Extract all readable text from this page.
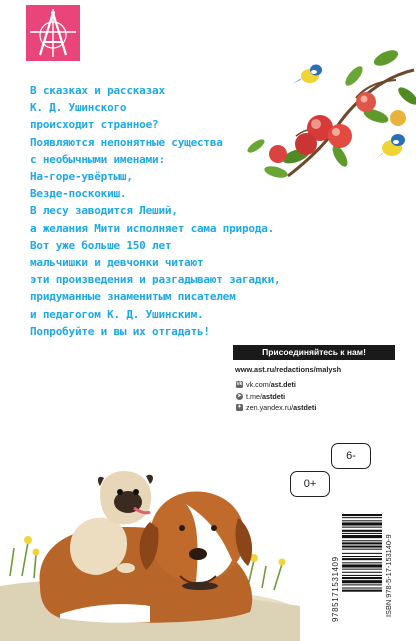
В сказках и рассказах
К. Д. Ушинского
происходит странное?
Появляются непонятные существа
с необычными именами:
На-горе-увёртыш,
Везде-поскокиш.
В лесу заводится Леший,
а желания Мити исполняет сама природа.
Вот уже больше 150 лет
мальчишки и девчонки читают
эти произведения и разгадывают загадки,
придуманные знаменитым писателем
и педагогом К. Д. Ушинским.
Попробуйте и вы их отгадать!
Присоединяйтесь к нам!
www.ast.ru/redactions/malysh
vk vk.com/ ast.deti
➤ t.me/ astdeti
✦ zen.yandex.ru/ astdeti
6-
0+
9785171531409	ISBN 978-5-17-153140-9
